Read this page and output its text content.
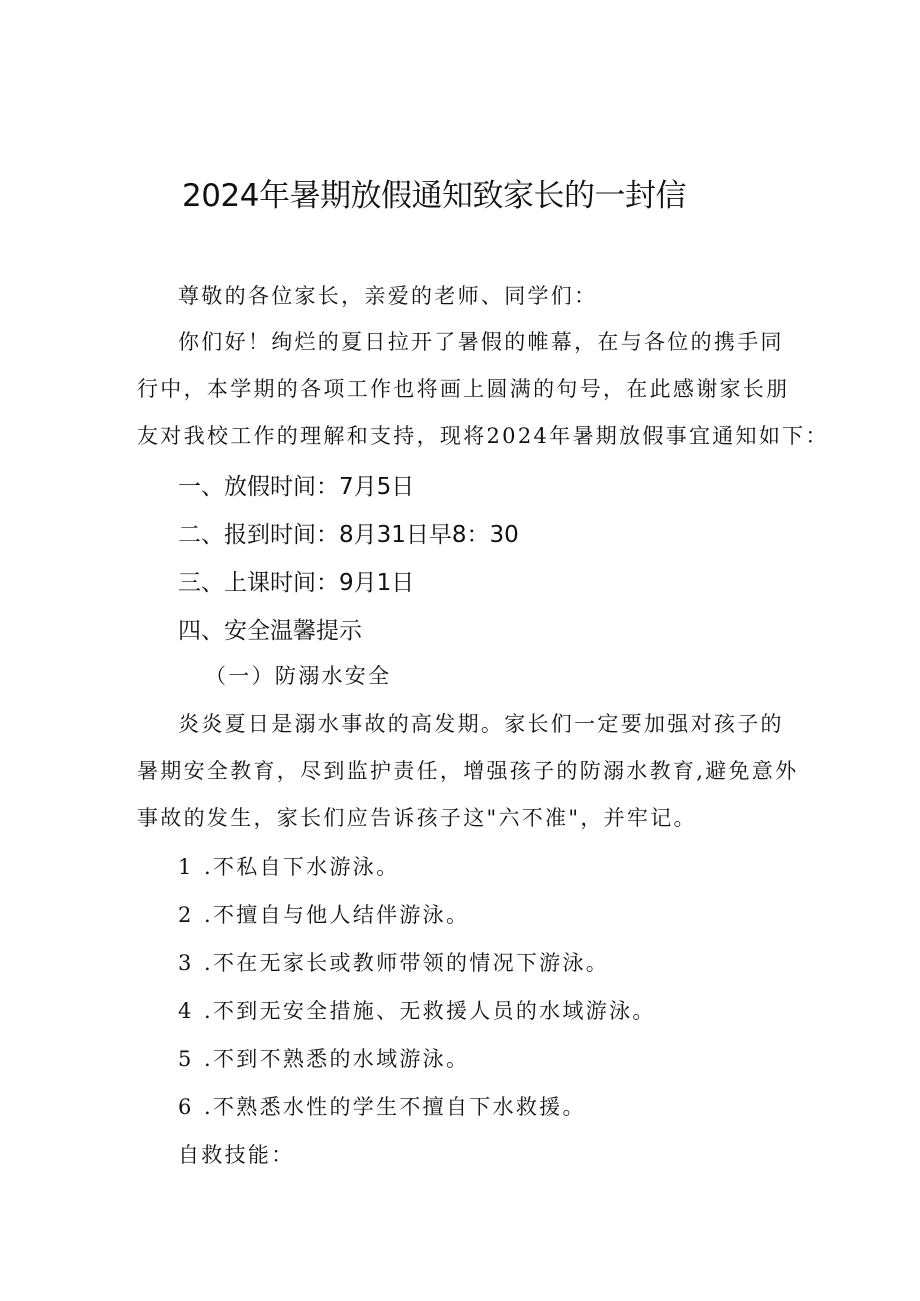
2024年暑期放假通知致家长的一封信
尊敬的各位家长，亲爱的老师、同学们：
你们好！绚烂的夏日拉开了暑假的帷幕，在与各位的携手同
行中，本学期的各项工作也将画上圆满的句号，在此感谢家长朋
友对我校工作的理解和支持，现将2024年暑期放假事宜通知如下：
一、放假时间：7月5日
二、报到时间：8月31日早8：30
三、上课时间：9月1日
四、安全温馨提示
（一）防溺水安全
炎炎夏日是溺水事故的高发期。家长们一定要加强对孩子的
暑期安全教育，尽到监护责任，增强孩子的防溺水教育,避免意外
事故的发生，家长们应告诉孩子这"六不准"，并牢记。
1 .不私自下水游泳。
2 .不擅自与他人结伴游泳。
3 .不在无家长或教师带领的情况下游泳。
4 .不到无安全措施、无救援人员的水域游泳。
5 .不到不熟悉的水域游泳。
6 .不熟悉水性的学生不擅自下水救援。
自救技能：
